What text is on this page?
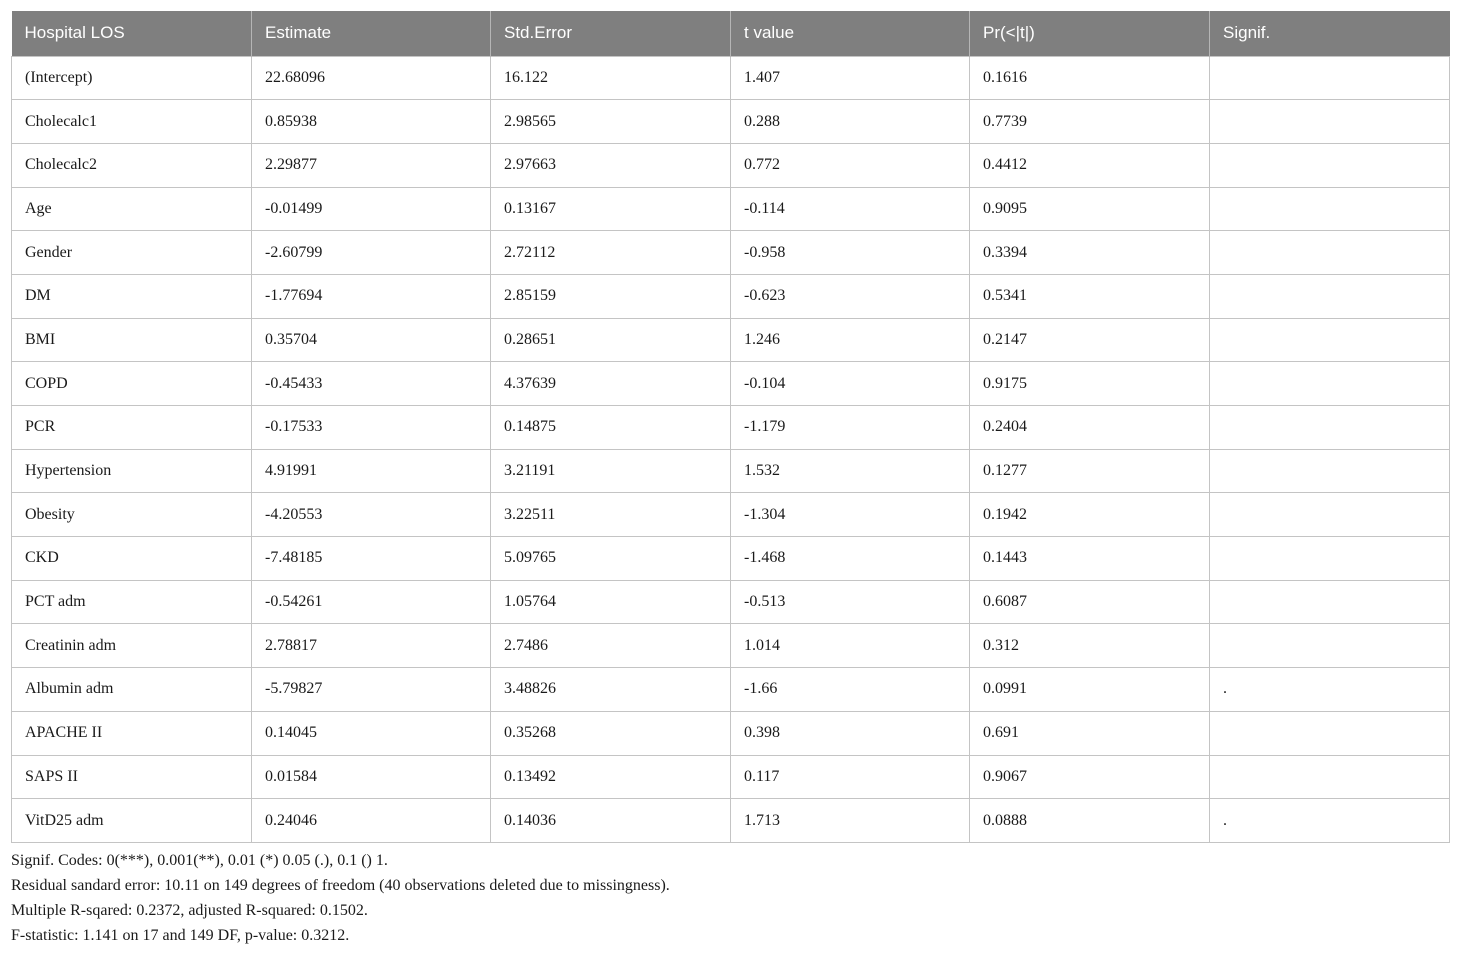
Hospital LOS	Estimate	Std.Error	t value	Pr(<|t|)	Signif.
(Intercept)	22.68096	16.122	1.407	0.1616	
Cholecalc1	0.85938	2.98565	0.288	0.7739	
Cholecalc2	2.29877	2.97663	0.772	0.4412	
Age	-0.01499	0.13167	-0.114	0.9095	
Gender	-2.60799	2.72112	-0.958	0.3394	
DM	-1.77694	2.85159	-0.623	0.5341	
BMI	0.35704	0.28651	1.246	0.2147	
COPD	-0.45433	4.37639	-0.104	0.9175	
PCR	-0.17533	0.14875	-1.179	0.2404	
Hypertension	4.91991	3.21191	1.532	0.1277	
Obesity	-4.20553	3.22511	-1.304	0.1942	
CKD	-7.48185	5.09765	-1.468	0.1443	
PCT adm	-0.54261	1.05764	-0.513	0.6087	
Creatinin adm	2.78817	2.7486	1.014	0.312	
Albumin adm	-5.79827	3.48826	-1.66	0.0991	.
APACHE II	0.14045	0.35268	0.398	0.691	
SAPS II	0.01584	0.13492	0.117	0.9067	
VitD25 adm	0.24046	0.14036	1.713	0.0888	.
Signif. Codes: 0(***), 0.001(**), 0.01 (*) 0.05 (.), 0.1 () 1.
Residual sandard error: 10.11 on 149 degrees of freedom (40 observations deleted due to missingness).
Multiple R-sqared: 0.2372, adjusted R-squared: 0.1502.
F-statistic: 1.141 on 17 and 149 DF, p-value: 0.3212.
